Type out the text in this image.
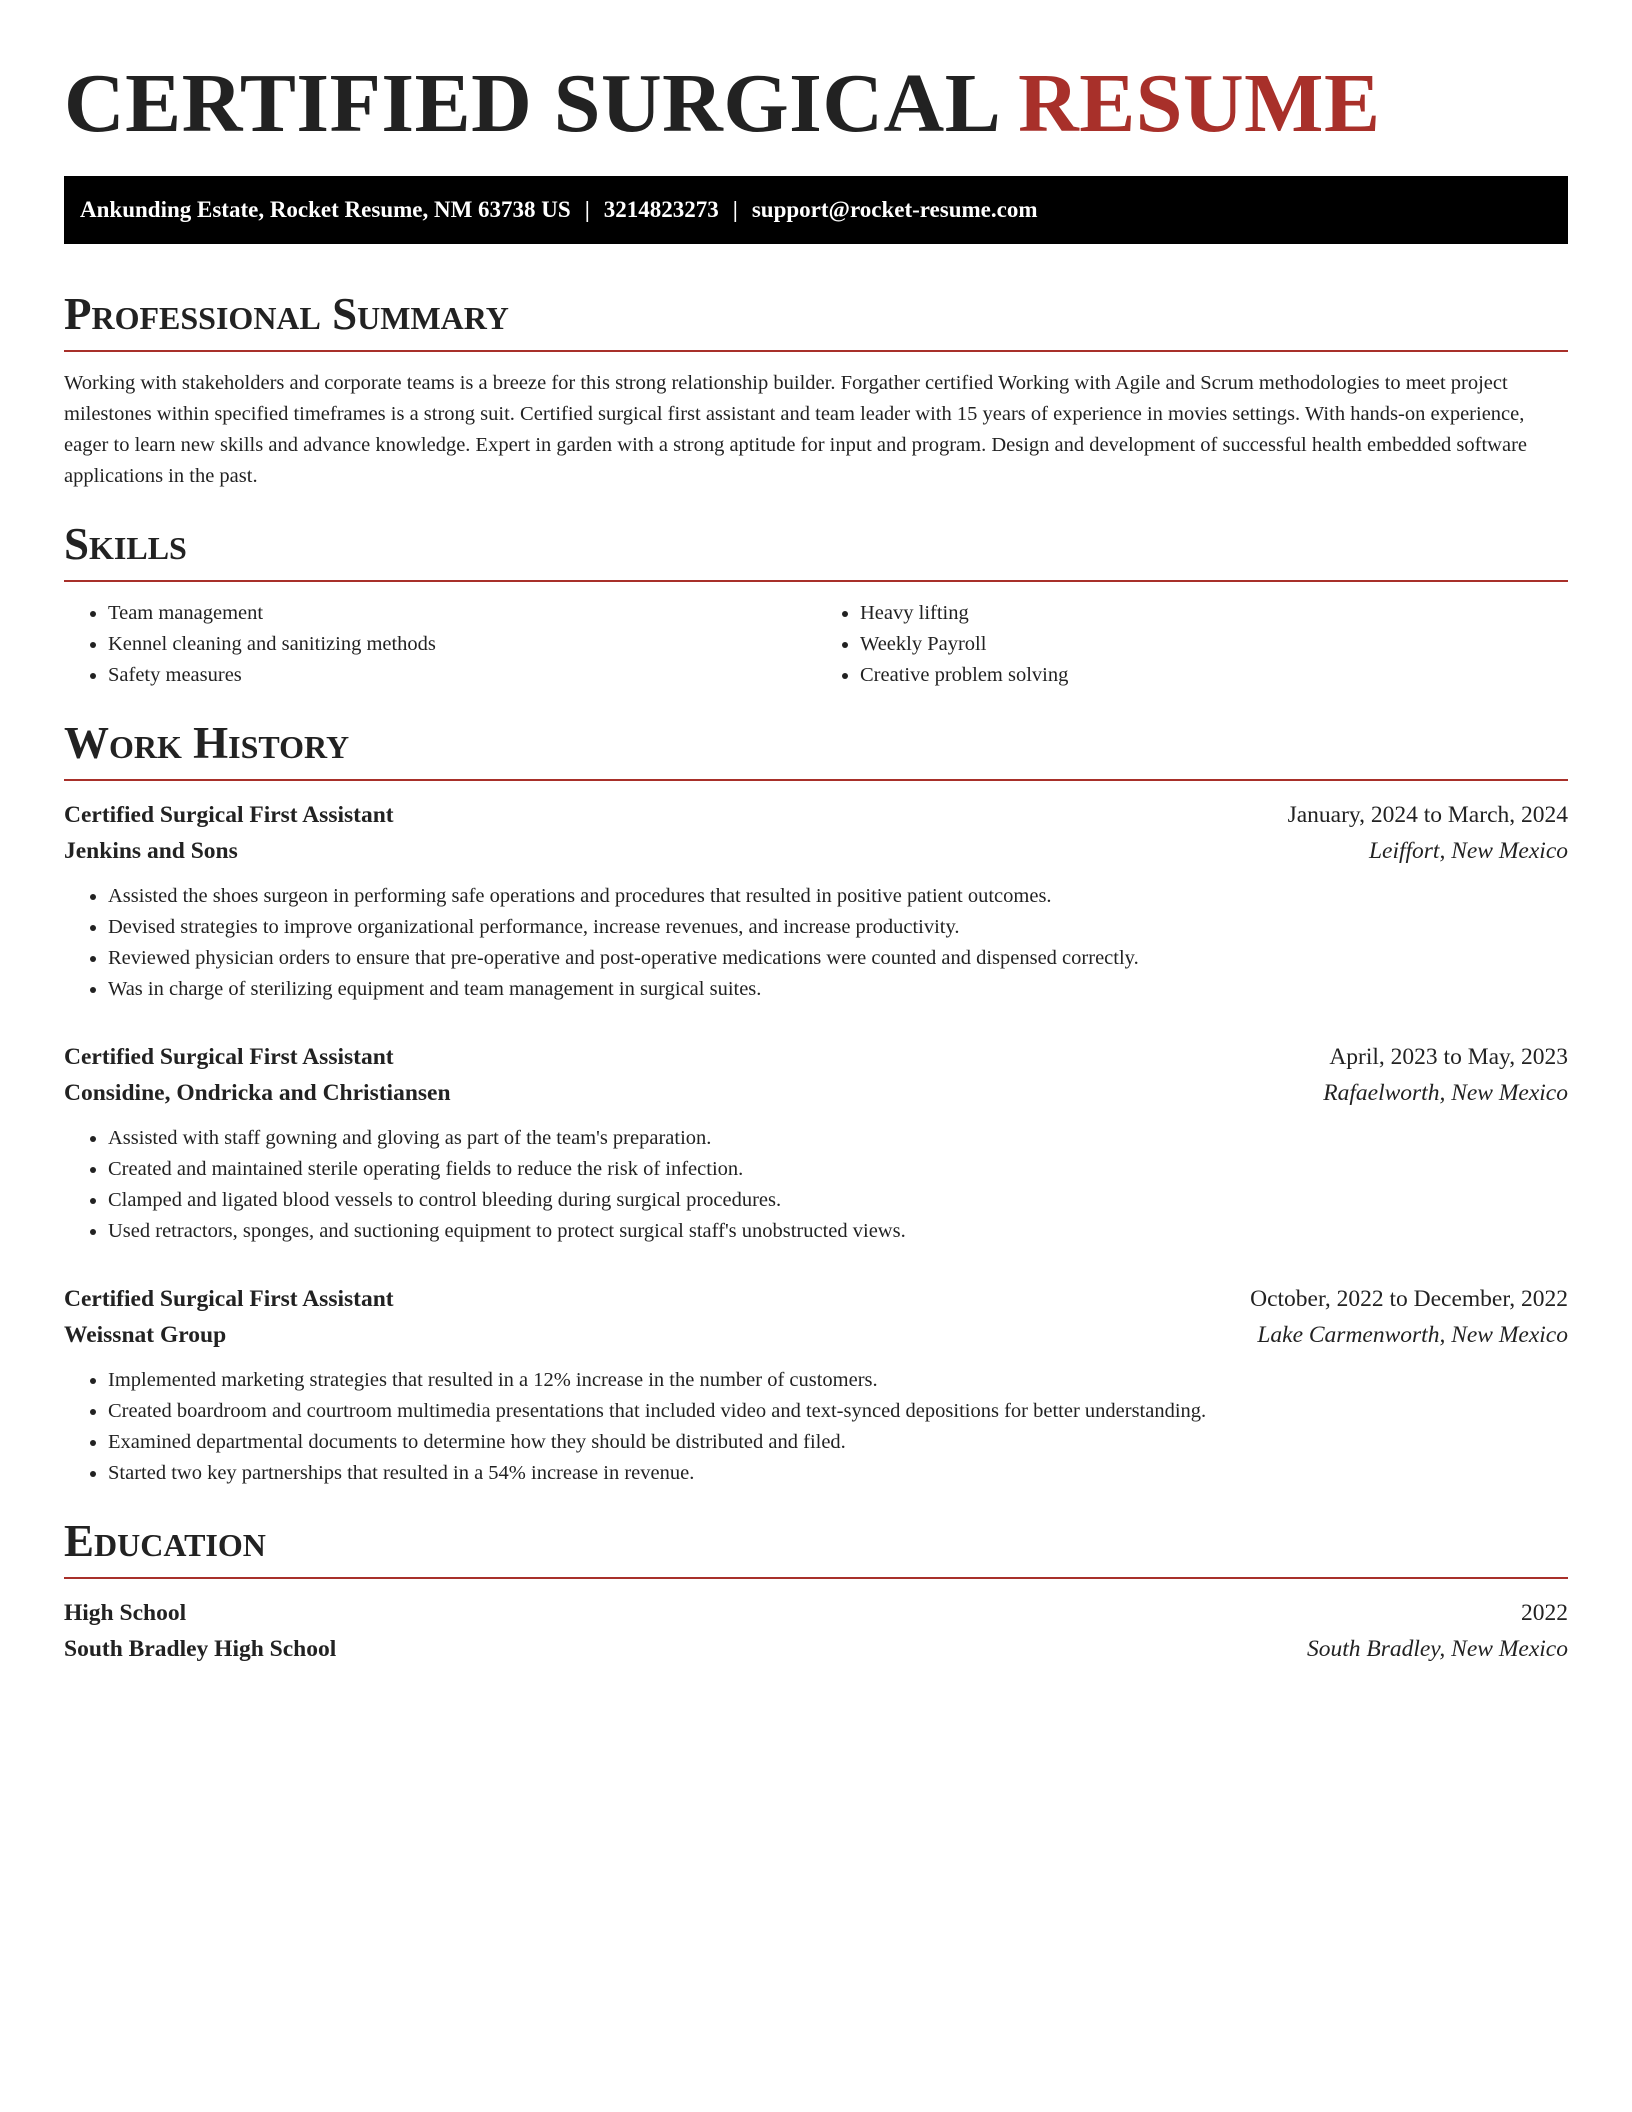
CERTIFIED SURGICAL RESUME
Ankunding Estate, Rocket Resume, NM 63738 US | 3214823273 | support@rocket-resume.com
Professional Summary

Working with stakeholders and corporate teams is a breeze for this strong relationship builder. Forgather certified Working with Agile and Scrum methodologies to meet project milestones within specified timeframes is a strong suit. Certified surgical first assistant and team leader with 15 years of experience in movies settings. With hands-on experience, eager to learn new skills and advance knowledge. Expert in garden with a strong aptitude for input and program. Design and development of successful health embedded software applications in the past.

Skills
• Team management
• Kennel cleaning and sanitizing methods
• Safety measures
• Heavy lifting
• Weekly Payroll
• Creative problem solving
Work History
Certified Surgical First Assistant	January, 2024 to March, 2024
Jenkins and Sons	Leiffort, New Mexico
• Assisted the shoes surgeon in performing safe operations and procedures that resulted in positive patient outcomes.
• Devised strategies to improve organizational performance, increase revenues, and increase productivity.
• Reviewed physician orders to ensure that pre-operative and post-operative medications were counted and dispensed correctly.
• Was in charge of sterilizing equipment and team management in surgical suites.
Certified Surgical First Assistant	April, 2023 to May, 2023
Considine, Ondricka and Christiansen	Rafaelworth, New Mexico
• Assisted with staff gowning and gloving as part of the team's preparation.
• Created and maintained sterile operating fields to reduce the risk of infection.
• Clamped and ligated blood vessels to control bleeding during surgical procedures.
• Used retractors, sponges, and suctioning equipment to protect surgical staff's unobstructed views.
Certified Surgical First Assistant	October, 2022 to December, 2022
Weissnat Group	Lake Carmenworth, New Mexico
• Implemented marketing strategies that resulted in a 12% increase in the number of customers.
• Created boardroom and courtroom multimedia presentations that included video and text-synced depositions for better understanding.
• Examined departmental documents to determine how they should be distributed and filed.
• Started two key partnerships that resulted in a 54% increase in revenue.
Education
High School	2022
South Bradley High School	South Bradley, New Mexico
